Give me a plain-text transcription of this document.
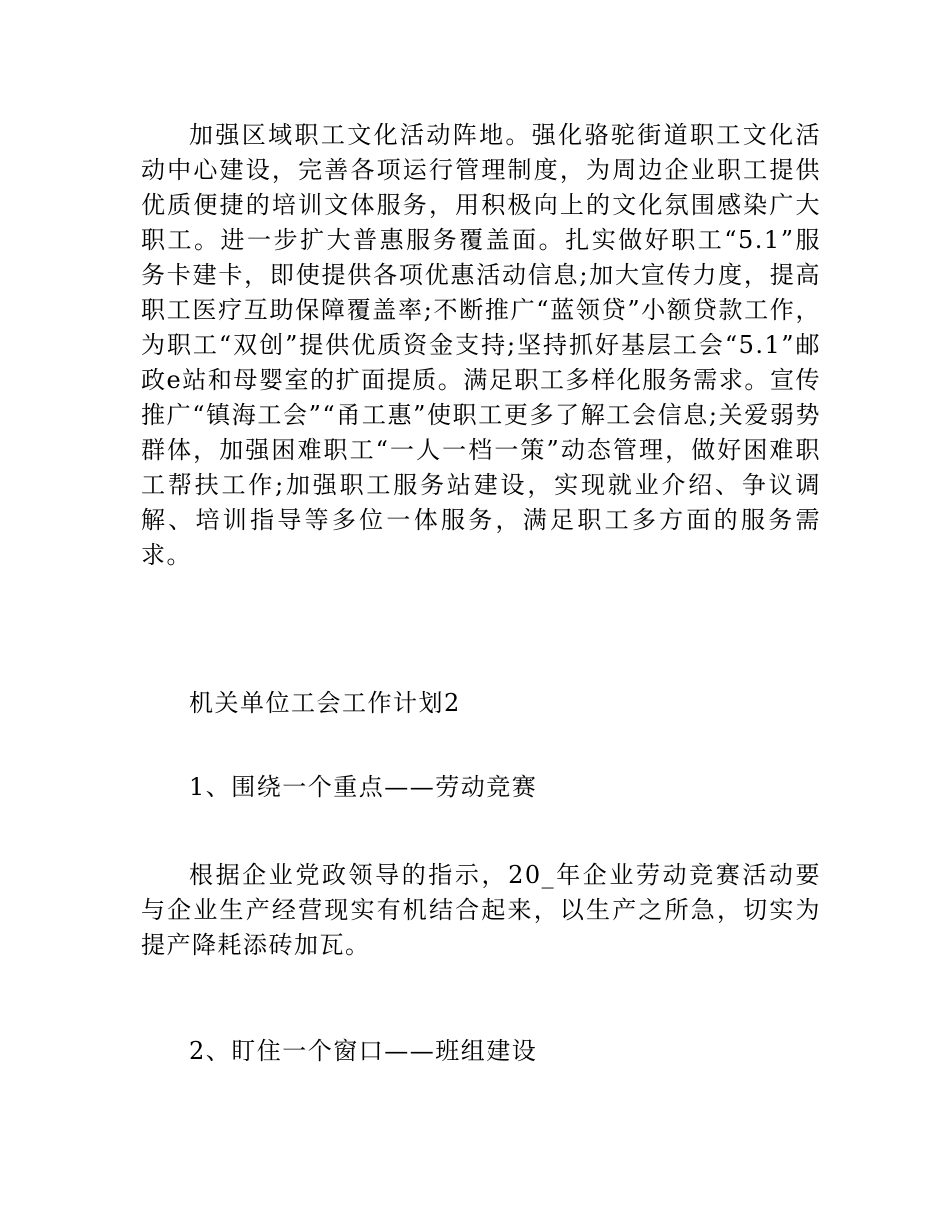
加强区域职工文化活动阵地。强化骆驼街道职工文化活动中心建设，完善各项运行管理制度，为周边企业职工提供优质便捷的培训文体服务，用积极向上的文化氛围感染广大职工。进一步扩大普惠服务覆盖面。扎实做好职工“5.1”服务卡建卡，即使提供各项优惠活动信息;加大宣传力度，提高职工医疗互助保障覆盖率;不断推广“蓝领贷”小额贷款工作，为职工“双创”提供优质资金支持;坚持抓好基层工会“5.1”邮政e站和母婴室的扩面提质。满足职工多样化服务需求。宣传推广“镇海工会”“甬工惠”使职工更多了解工会信息;关爱弱势群体，加强困难职工“一人一档一策”动态管理，做好困难职工帮扶工作;加强职工服务站建设，实现就业介绍、争议调解、培训指导等多位一体服务，满足职工多方面的服务需求。

机关单位工会工作计划2

1、围绕一个重点——劳动竞赛

根据企业党政领导的指示，20_年企业劳动竞赛活动要与企业生产经营现实有机结合起来，以生产之所急，切实为提产降耗添砖加瓦。

2、盯住一个窗口——班组建设
